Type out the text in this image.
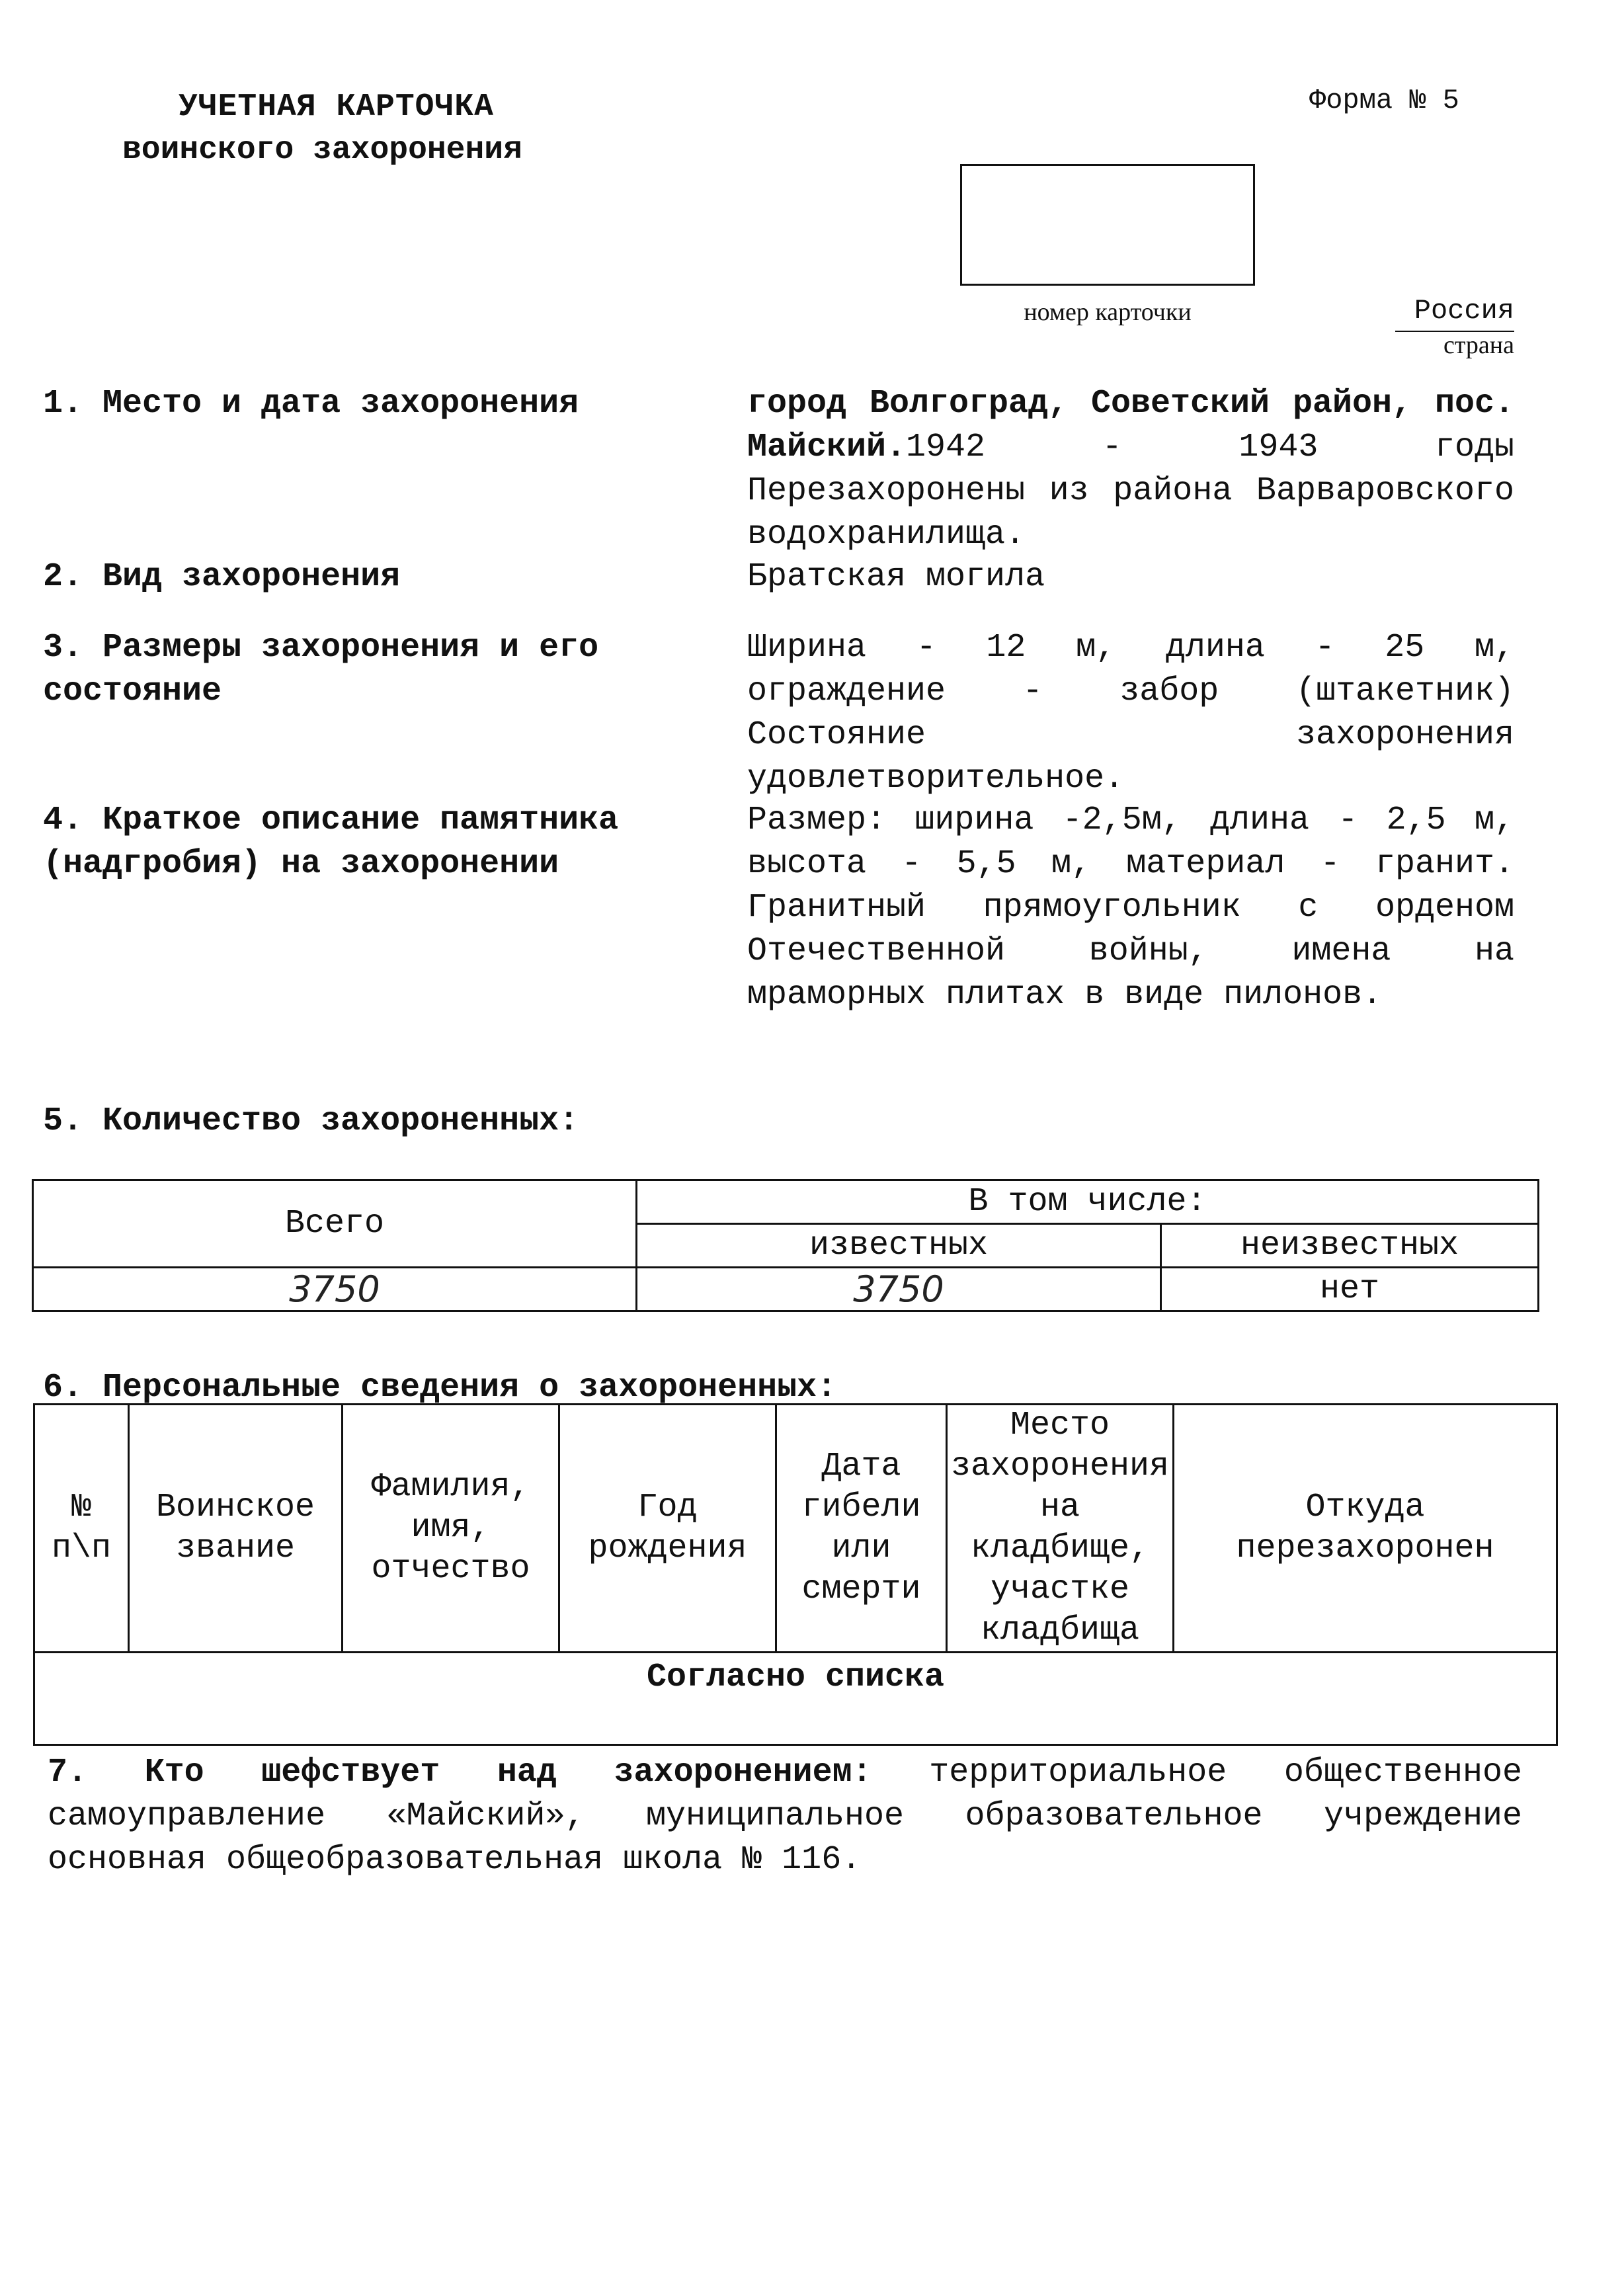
УЧЕТНАЯ КАРТОЧКА
воинского захоронения
Форма № 5
номер карточки	Россия
страна
1. Место и дата захоронения	город Волгоград, Советский район, пос. Майский.1942 - 1943 годы Перезахоронены из района Варваровского водохранилища.
2. Вид захоронения	Братская могила
3. Размеры захоронения и его состояние
Ширина - 12 м, длина - 25 м, ограждение - забор (штакетник) Состояние захоронения удовлетворительное.
4. Краткое описание памятника (надгробия) на захоронении
Размер: ширина -2,5м, длина - 2,5 м, высота - 5,5 м, материал - гранит. Гранитный прямоугольник с орденом Отечественной войны, имена на мраморных плитах в виде пилонов.
5. Количество захороненных:
Всего	В том числе:	
	известных	неизвестных
3750	3750	нет
6. Персональные сведения о захороненных:
№ п\п	Воинское звание	Фамилия, имя, отчество	Год рождения	Дата гибели или смерти	Место захоронения на кладбище, участке кладбища	Откуда перезахоронен
Согласно списка
7. Кто шефствует над захоронением: территориальное общественное самоуправление «Майский», муниципальное образовательное учреждение основная общеобразовательная школа № 116.
